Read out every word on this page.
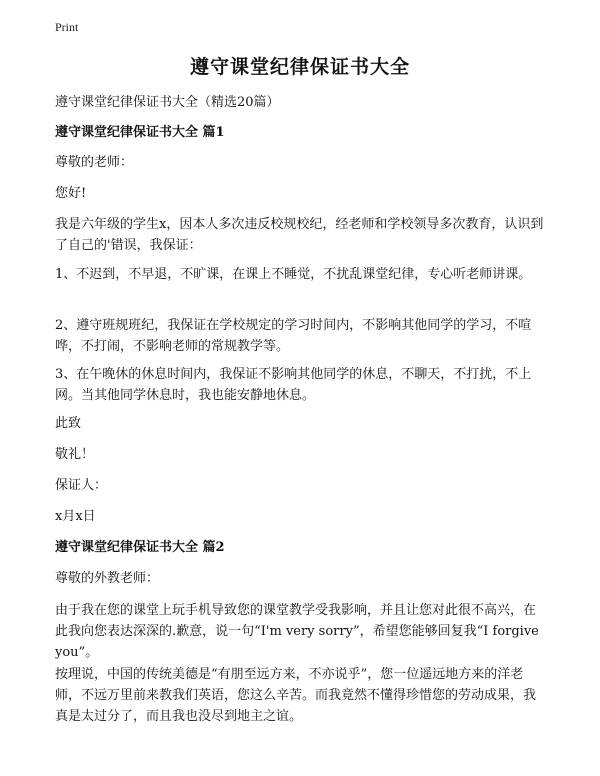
Print
遵守课堂纪律保证书大全
遵守课堂纪律保证书大全（精选20篇）
遵守课堂纪律保证书大全 篇1
尊敬的老师：
您好!
我是六年级的学生x，因本人多次违反校规校纪，经老师和学校领导多次教育，认识到了自己的'错误，我保证：
1、不迟到，不早退，不旷课，在课上不睡觉，不扰乱课堂纪律，专心听老师讲课。
2、遵守班规班纪，我保证在学校规定的学习时间内，不影响其他同学的学习，不喧哗，不打闹，不影响老师的常规教学等。
3、在午晚休的休息时间内，我保证不影响其他同学的休息，不聊天，不打扰，不上网。当其他同学休息时，我也能安静地休息。
此致
敬礼！
保证人：
x月x日
遵守课堂纪律保证书大全 篇2
尊敬的外教老师：
由于我在您的课堂上玩手机导致您的课堂教学受我影响，并且让您对此很不高兴，在此我向您表达深深的.歉意，说一句“I'm very sorry”，希望您能够回复我“I forgive you”。
按理说，中国的传统美德是“有朋至远方来，不亦说乎”，您一位遥远地方来的洋老师，不远万里前来教我们英语，您这么辛苦。而我竟然不懂得珍惜您的劳动成果，我真是太过分了，而且我也没尽到地主之谊。
